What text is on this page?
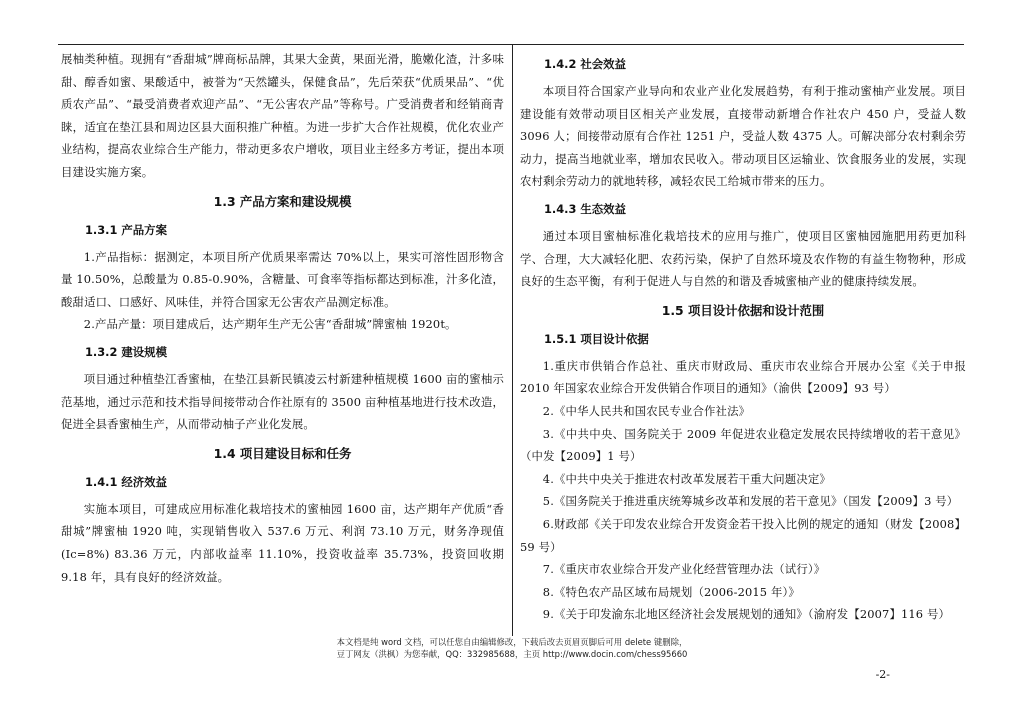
展柚类种植。现拥有“香甜城”牌商标品牌，其果大金黄，果面光滑，脆嫩化渣，汁多味甜、醇香如蜜、果酸适中，被誉为“天然罐头，保健食品”，先后荣获“优质果品”、“优质农产品”、“最受消费者欢迎产品”、“无公害农产品”等称号。广受消费者和经销商青睐，适宜在垫江县和周边区县大面积推广种植。为进一步扩大合作社规模，优化农业产业结构，提高农业综合生产能力，带动更多农户增收，项目业主经多方考证，提出本项目建设实施方案。

1.3 产品方案和建设规模
1.3.1 产品方案

1.产品指标：据测定，本项目所产优质果率需达 70%以上，果实可溶性固形物含量 10.50%，总酸量为 0.85-0.90%，含糖量、可食率等指标都达到标准，汁多化渣，酸甜适口、口感好、风味佳，并符合国家无公害农产品测定标准。

2.产品产量：项目建成后，达产期年生产无公害“香甜城”牌蜜柚 1920t。

1.3.2 建设规模

项目通过种植垫江香蜜柚，在垫江县新民镇凌云村新建种植规模 1600 亩的蜜柚示范基地，通过示范和技术指导间接带动合作社原有的 3500 亩种植基地进行技术改造，促进全县香蜜柚生产，从而带动柚子产业化发展。

1.4 项目建设目标和任务
1.4.1 经济效益

实施本项目，可建成应用标准化栽培技术的蜜柚园 1600 亩，达产期年产优质“香甜城”牌蜜柚 1920 吨，实现销售收入 537.6 万元、利润 73.10 万元，财务净现值(Ic=8%) 83.36 万元，内部收益率 11.10%，投资收益率 35.73%，投资回收期 9.18 年，具有良好的经济效益。

1.4.2 社会效益

本项目符合国家产业导向和农业产业化发展趋势，有利于推动蜜柚产业发展。项目建设能有效带动项目区相关产业发展，直接带动新增合作社农户 450 户，受益人数 3096 人；间接带动原有合作社 1251 户，受益人数 4375 人。可解决部分农村剩余劳动力，提高当地就业率，增加农民收入。带动项目区运输业、饮食服务业的发展，实现农村剩余劳动力的就地转移，减轻农民工给城市带来的压力。

1.4.3 生态效益

通过本项目蜜柚标准化栽培技术的应用与推广，使项目区蜜柚园施肥用药更加科学、合理，大大减轻化肥、农药污染，保护了自然环境及农作物的有益生物物种，形成良好的生态平衡，有利于促进人与自然的和谐及香城蜜柚产业的健康持续发展。

1.5 项目设计依据和设计范围
1.5.1 项目设计依据

1.重庆市供销合作总社、重庆市财政局、重庆市农业综合开展办公室《关于申报 2010 年国家农业综合开发供销合作项目的通知》（渝供【2009】93 号）

2.《中华人民共和国农民专业合作社法》

3.《中共中央、国务院关于 2009 年促进农业稳定发展农民持续增收的若干意见》（中发【2009】1 号）

4.《中共中央关于推进农村改革发展若干重大问题决定》

5.《国务院关于推进重庆统筹城乡改革和发展的若干意见》（国发【2009】3 号）

6.财政部《关于印发农业综合开发资金若干投入比例的规定的通知（财发【2008】59 号）

7.《重庆市农业综合开发产业化经营管理办法（试行）》

8.《特色农产品区域布局规划（2006-2015 年）》

9.《关于印发渝东北地区经济社会发展规划的通知》（渝府发【2007】116 号）

本文档是纯 word 文档，可以任您自由编辑修改，下载后改去页眉页脚后可用 delete 键删除，
豆丁网友（洪枫）为您奉献，QQ：332985688，主页 http://www.docin.com/chess95660
-2-
